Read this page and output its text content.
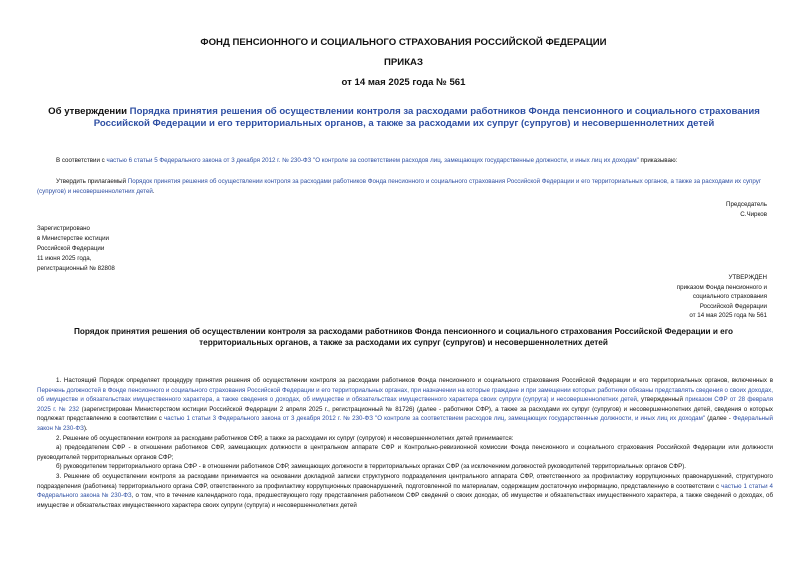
ФОНД ПЕНСИОННОГО И СОЦИАЛЬНОГО СТРАХОВАНИЯ РОССИЙСКОЙ ФЕДЕРАЦИИ
ПРИКАЗ
от 14 мая 2025 года № 561
Об утверждении Порядка принятия решения об осуществлении контроля за расходами работников Фонда пенсионного и социального страхования Российской Федерации и его территориальных органов, а также за расходами их супруг (супругов) и несовершеннолетних детей
В соответствии с частью 6 статьи 5 Федерального закона от 3 декабря 2012 г. № 230-ФЗ "О контроле за соответствием расходов лиц, замещающих государственные должности, и иных лиц их доходам" приказываю:
Утвердить прилагаемый Порядок принятия решения об осуществлении контроля за расходами работников Фонда пенсионного и социального страхования Российской Федерации и его территориальных органов, а также за расходами их супруг (супругов) и несовершеннолетних детей.
Председатель
С.Чирков
Зарегистрировано
в Министерстве юстиции
Российской Федерации
11 июня 2025 года,
регистрационный № 82808
УТВЕРЖДЕН
приказом Фонда пенсионного и
социального страхования
Российской Федерации
от 14 мая 2025 года № 561
Порядок принятия решения об осуществлении контроля за расходами работников Фонда пенсионного и социального страхования Российской Федерации и его территориальных органов, а также за расходами их супруг (супругов) и несовершеннолетних детей

1. Настоящий Порядок определяет процедуру принятия решения об осуществлении контроля за расходами работников Фонда пенсионного и социального страхования Российской Федерации и его территориальных органов, включенных в Перечень должностей в Фонде пенсионного и социального страхования Российской Федерации и его территориальных органах, при назначении на которые граждане и при замещении которых работники обязаны представлять сведения о своих доходах, об имуществе и обязательствах имущественного характера, а также сведения о доходах, об имуществе и обязательствах имущественного характера своих супруги (супруга) и несовершеннолетних детей, утвержденный приказом СФР от 28 февраля 2025 г. № 232 (зарегистрирован Министерством юстиции Российской Федерации 2 апреля 2025 г., регистрационный № 81726) (далее - работники СФР), а также за расходами их супруг (супругов) и несовершеннолетних детей, сведения о которых подлежат представлению в соответствии с частью 1 статьи 3 Федерального закона от 3 декабря 2012 г. № 230-ФЗ "О контроле за соответствием расходов лиц, замещающих государственные должности, и иных лиц их доходам" (далее - Федеральный закон № 230-ФЗ).

2. Решение об осуществлении контроля за расходами работников СФР, а также за расходами их супруг (супругов) и несовершеннолетних детей принимается:

а) председателем СФР - в отношении работников СФР, замещающих должности в центральном аппарате СФР и Контрольно-ревизионной комиссии Фонда пенсионного и социального страхования Российской Федерации или должности руководителей территориальных органов СФР;

б) руководителем территориального органа СФР - в отношении работников СФР, замещающих должности в территориальных органах СФР (за исключением должностей руководителей территориальных органов СФР).

3. Решение об осуществлении контроля за расходами принимается на основании докладной записки структурного подразделения центрального аппарата СФР, ответственного за профилактику коррупционных правонарушений, структурного подразделения (работника) территориального органа СФР, ответственного за профилактику коррупционных правонарушений, подготовленной по материалам, содержащим достаточную информацию, представленную в соответствии с частью 1 статьи 4 Федерального закона № 230-ФЗ, о том, что в течение календарного года, предшествующего году представления работником СФР сведений о своих доходах, об имуществе и обязательствах имущественного характера, а также сведений о доходах, об имуществе и обязательствах имущественного характера своих супруги (супруга) и несовершеннолетних детей
